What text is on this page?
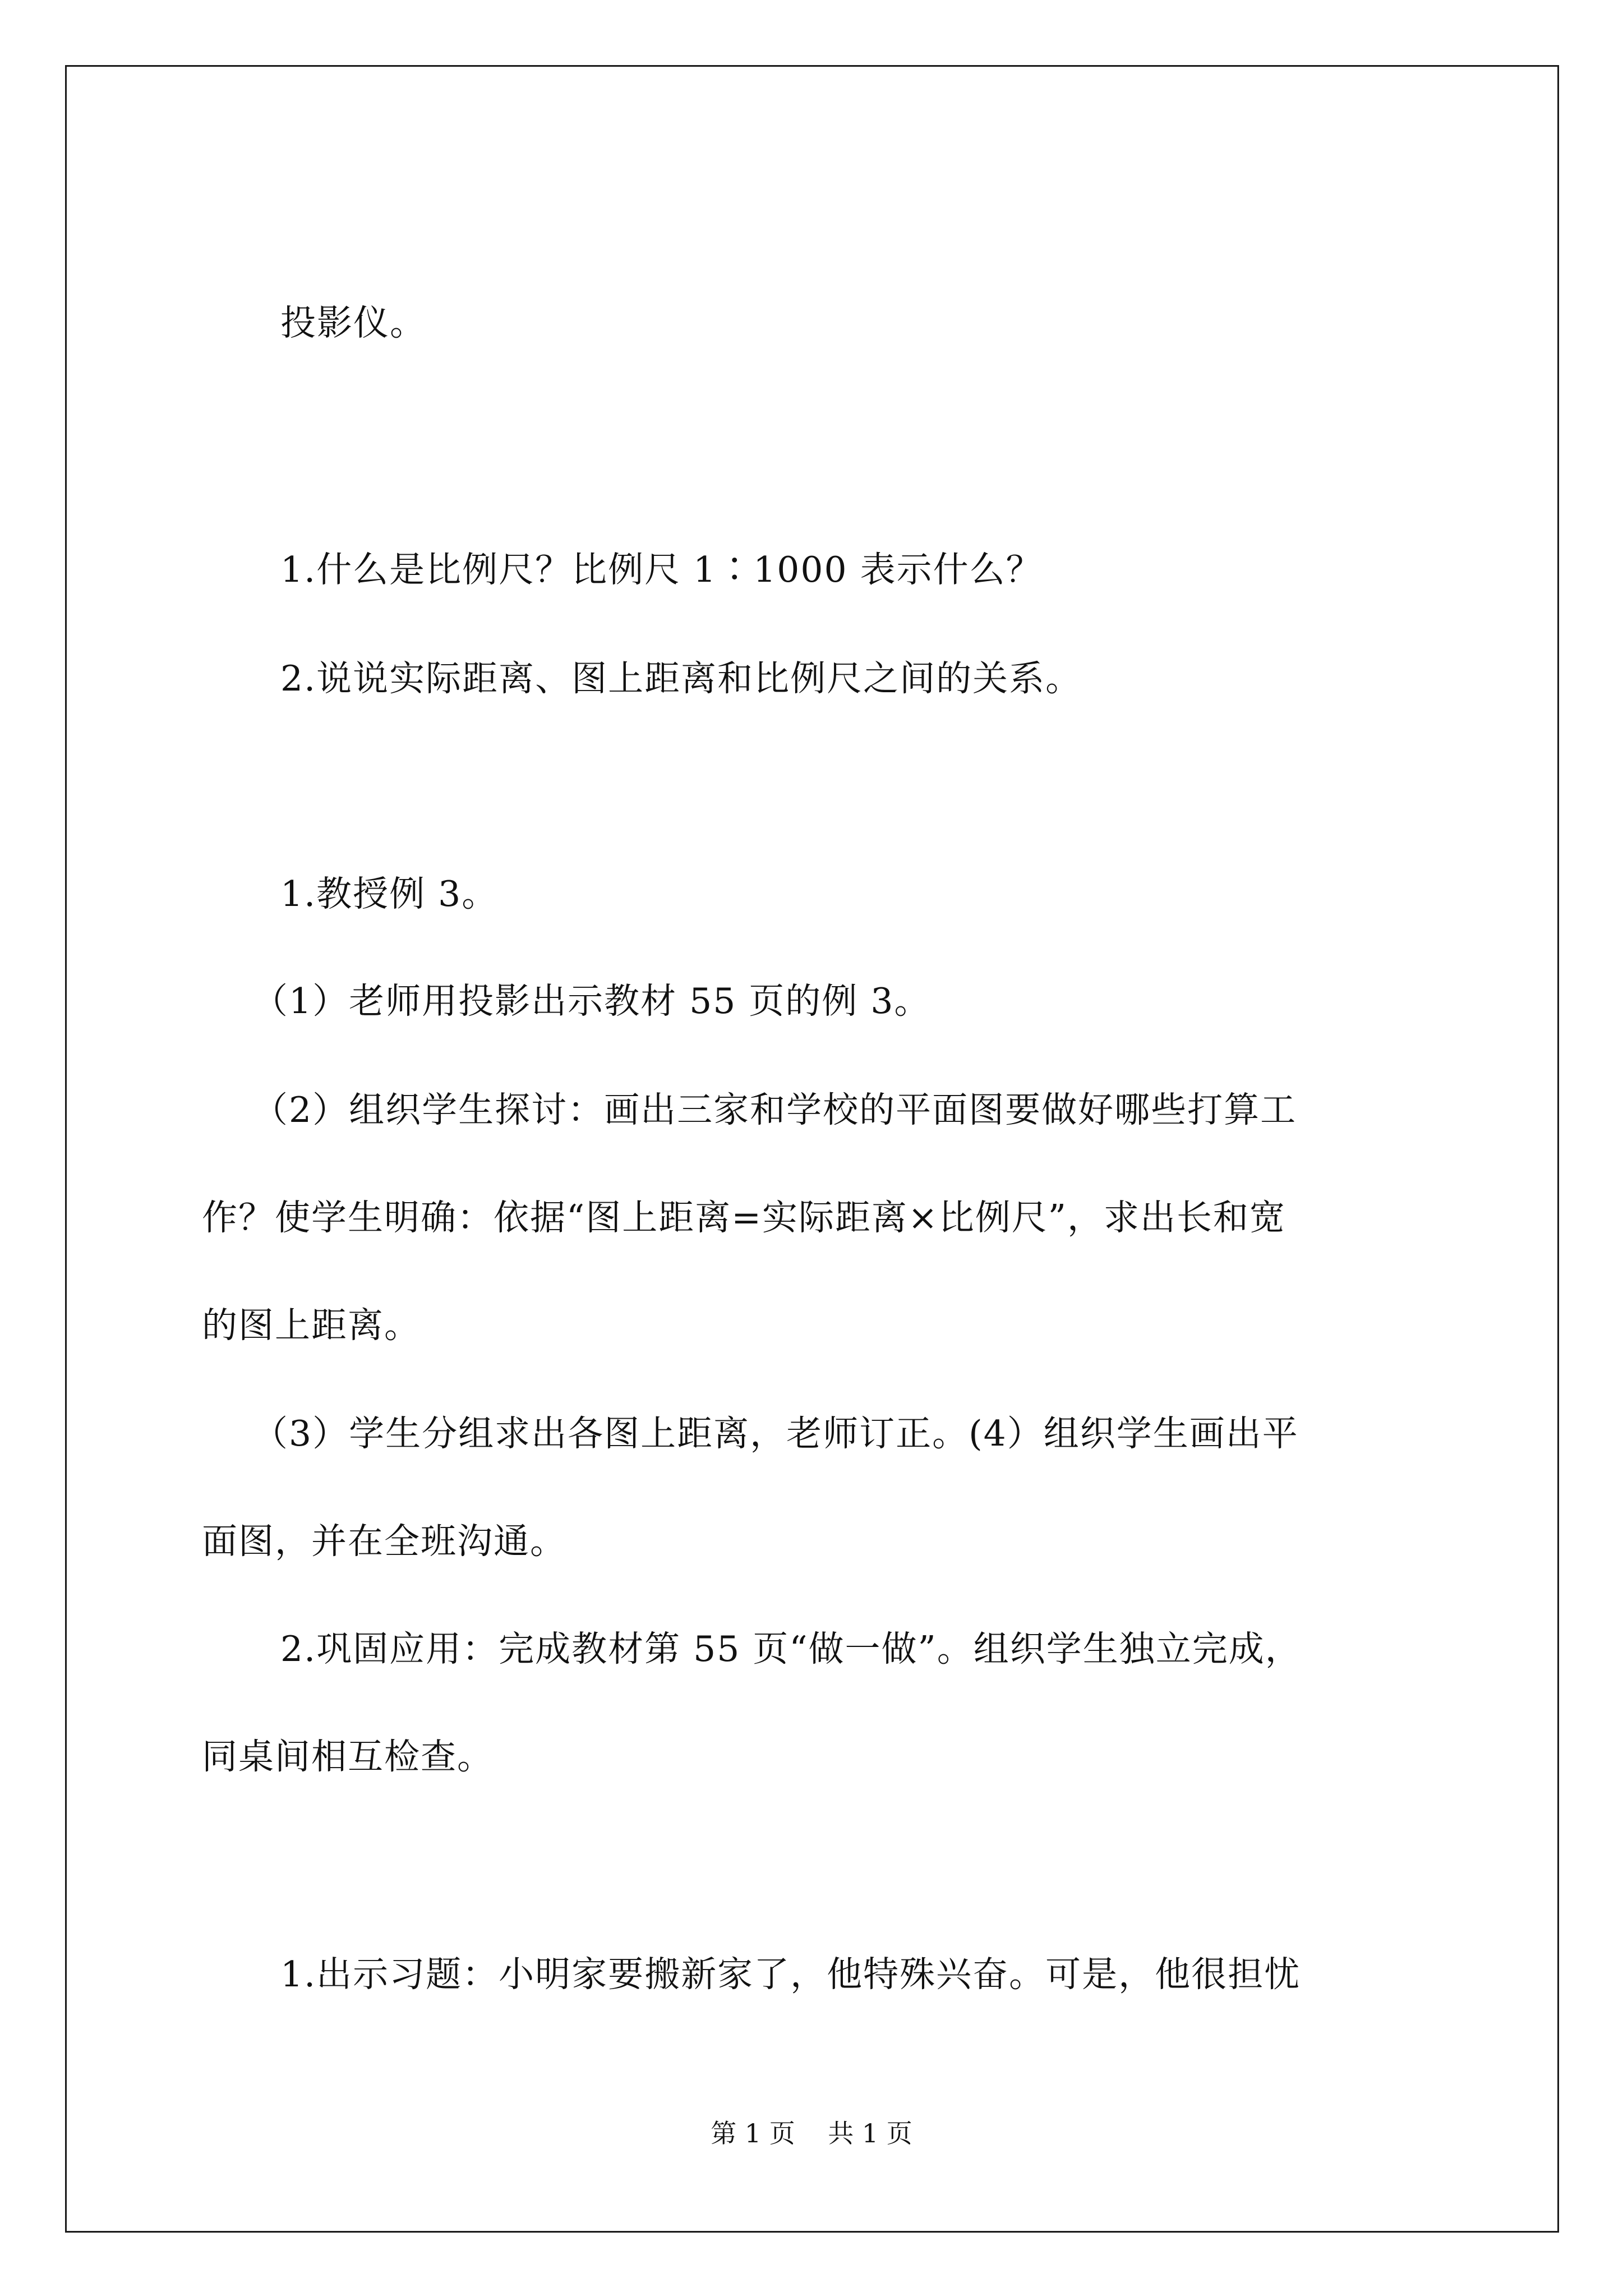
投影仪。
1.什么是比例尺？比例尺 1∶1000 表示什么？
2.说说实际距离、图上距离和比例尺之间的关系。
1.教授例 3。
（1）老师用投影出示教材 55 页的例 3。
（2）组织学生探讨：画出三家和学校的平面图要做好哪些打算工
作？使学生明确：依据“图上距离=实际距离×比例尺”，求出长和宽
的图上距离。
（3）学生分组求出各图上距离，老师订正。(4）组织学生画出平
面图，并在全班沟通。
2.巩固应用：完成教材第 55 页“做一做”。组织学生独立完成，
同桌间相互检查。
1.出示习题：小明家要搬新家了，他特殊兴奋。可是，他很担忧
第 1 页    共 1 页
